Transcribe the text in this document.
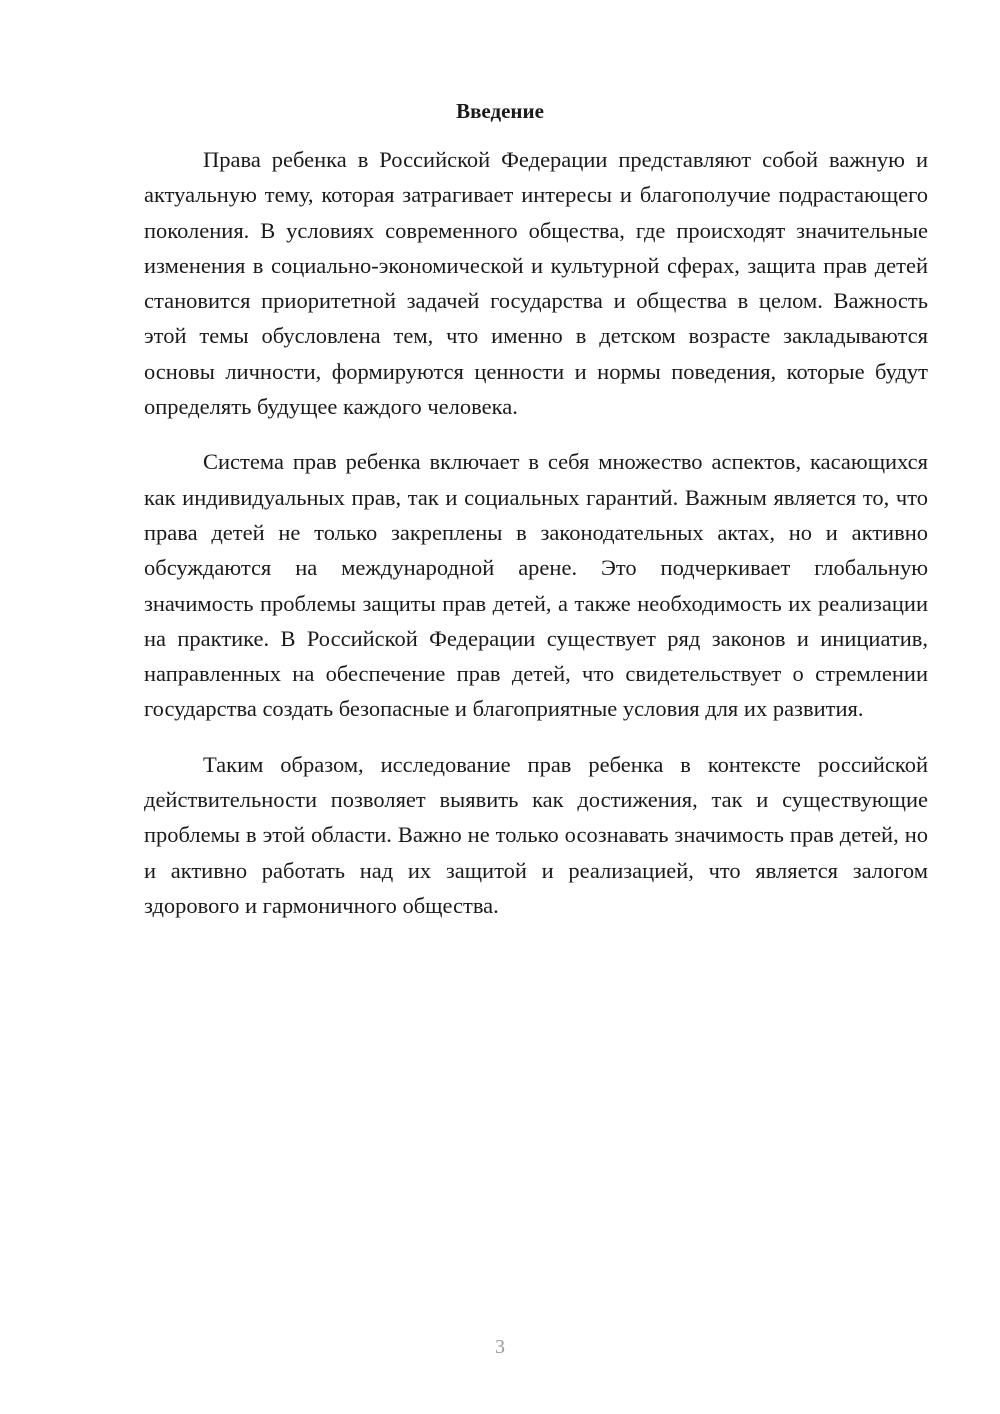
Введение

Права ребенка в Российской Федерации представляют собой важную и актуальную тему, которая затрагивает интересы и благополучие подрастающего поколения. В условиях современного общества, где происходят значительные изменения в социально-экономической и культурной сферах, защита прав детей становится приоритетной задачей государства и общества в целом. Важность этой темы обусловлена тем, что именно в детском возрасте закладываются основы личности, формируются ценности и нормы поведения, которые будут определять будущее каждого человека.

Система прав ребенка включает в себя множество аспектов, касающихся как индивидуальных прав, так и социальных гарантий. Важным является то, что права детей не только закреплены в законодательных актах, но и активно обсуждаются на международной арене. Это подчеркивает глобальную значимость проблемы защиты прав детей, а также необходимость их реализации на практике. В Российской Федерации существует ряд законов и инициатив, направленных на обеспечение прав детей, что свидетельствует о стремлении государства создать безопасные и благоприятные условия для их развития.

Таким образом, исследование прав ребенка в контексте российской действительности позволяет выявить как достижения, так и существующие проблемы в этой области. Важно не только осознавать значимость прав детей, но и активно работать над их защитой и реализацией, что является залогом здорового и гармоничного общества.

3
